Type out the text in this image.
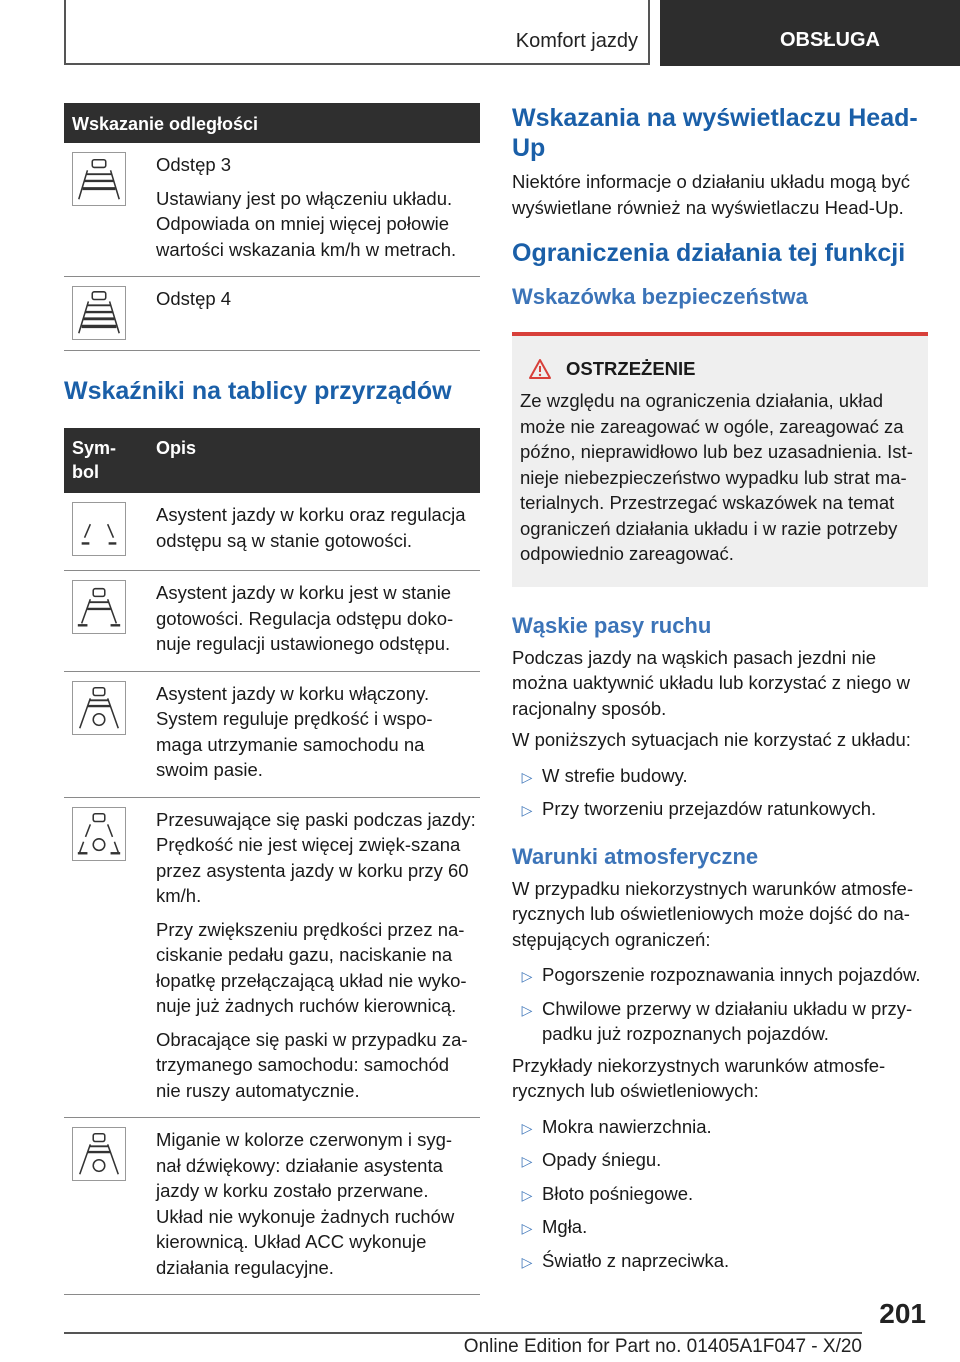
Komfort jazdy	OBSŁUGA
Wskazanie odległości

Odstęp 3

Ustawiany jest po włączeniu układu. Odpowiada on mniej więcej połowie wartości wskazania km/h w metrach.

Odstęp 4

Wskaźniki na tablicy przyrządów
Sym-
bol
Opis

Asystent jazdy w korku oraz regulacja odstępu są w stanie gotowości.

Asystent jazdy w korku jest w stanie gotowości. Regulacja odstępu doko-nuje regulacji ustawionego odstępu.

Asystent jazdy w korku włączony. System reguluje prędkość i wspo-maga utrzymanie samochodu na swoim pasie.

Przesuwające się paski podczas jazdy: Prędkość nie jest więcej zwięk-szana przez asystenta jazdy w korku przy 60 km/h.

Przy zwiększeniu prędkości przez na-ciskanie pedału gazu, naciskanie na łopatkę przełączającą układ nie wyko-nuje już żadnych ruchów kierownicą.

Obracające się paski w przypadku za-trzymanego samochodu: samochód nie ruszy automatycznie.

Miganie w kolorze czerwonym i syg-nał dźwiękowy: działanie asystenta jazdy w korku zostało przerwane. Układ nie wykonuje żadnych ruchów kierownicą. Układ ACC wykonuje działania regulacyjne.

Wskazania na wyświetlaczu Head-Up

Niektóre informacje o działaniu układu mogą być wyświetlane również na wyświetlaczu Head-Up.

Ograniczenia działania tej funkcji
Wskazówka bezpieczeństwa
OSTRZEŻENIE

Ze względu na ograniczenia działania, układ może nie zareagować w ogóle, zareagować za późno, nieprawidłowo lub bez uzasadnienia. Ist-nieje niebezpieczeństwo wypadku lub strat ma-terialnych. Przestrzegać wskazówek na temat ograniczeń działania układu i w razie potrzeby odpowiednio zareagować.

Wąskie pasy ruchu

Podczas jazdy na wąskich pasach jezdni nie można uaktywnić układu lub korzystać z niego w racjonalny sposób.

W poniższych sytuacjach nie korzystać z układu:

▷ W strefie budowy.
▷ Przy tworzeniu przejazdów ratunkowych.
Warunki atmosferyczne

W przypadku niekorzystnych warunków atmosfe-rycznych lub oświetleniowych może dojść do na-stępujących ograniczeń:

▷ Pogorszenie rozpoznawania innych pojazdów.
▷ Chwilowe przerwy w działaniu układu w przy-padku już rozpoznanych pojazdów.

Przykłady niekorzystnych warunków atmosfe-rycznych lub oświetleniowych:

▷ Mokra nawierzchnia.
▷ Opady śniegu.
▷ Błoto pośniegowe.
▷ Mgła.
▷ Światło z naprzeciwka.
201
Online Edition for Part no. 01405A1F047 - X/20
